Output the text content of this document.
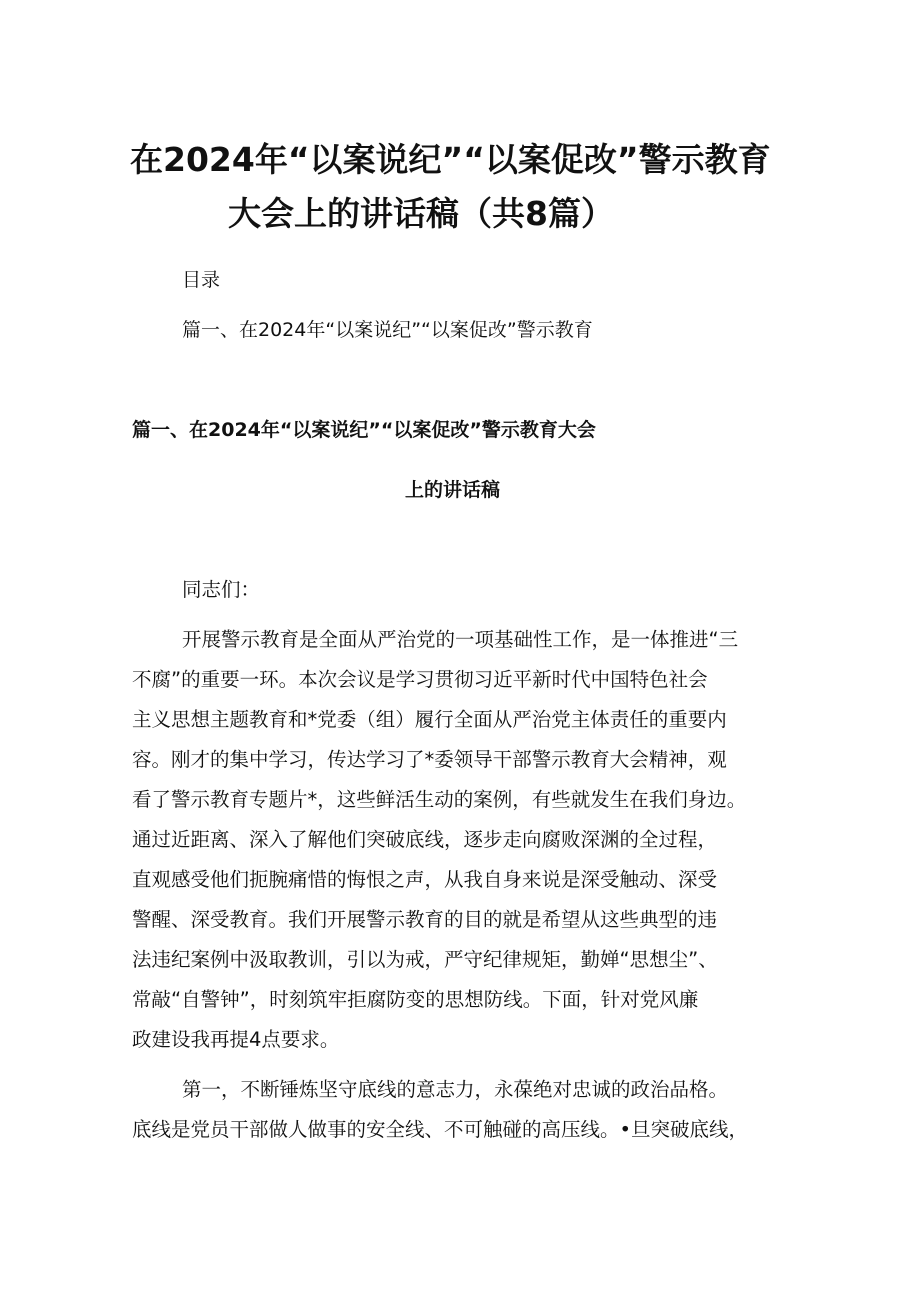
在2024年“以案说纪”“以案促改”警示教育
大会上的讲话稿（共8篇）
目录
篇一、在2024年“以案说纪”“以案促改”警示教育
篇一、在2024年“以案说纪”“以案促改”警示教育大会
上的讲话稿
同志们：
开展警示教育是全面从严治党的一项基础性工作，是一体推进“三
不腐”的重要一环。本次会议是学习贯彻习近平新时代中国特色社会
主义思想主题教育和*党委（组）履行全面从严治党主体责任的重要内
容。刚才的集中学习，传达学习了*委领导干部警示教育大会精神，观
看了警示教育专题片*，这些鲜活生动的案例，有些就发生在我们身边。
通过近距离、深入了解他们突破底线，逐步走向腐败深渊的全过程，
直观感受他们扼腕痛惜的悔恨之声，从我自身来说是深受触动、深受
警醒、深受教育。我们开展警示教育的目的就是希望从这些典型的违
法违纪案例中汲取教训，引以为戒，严守纪律规矩，勤婵“思想尘”、
常敲“自警钟”，时刻筑牢拒腐防变的思想防线。下面，针对党风廉
政建设我再提4点要求。
第一，不断锤炼坚守底线的意志力，永葆绝对忠诚的政治品格。
底线是党员干部做人做事的安全线、不可触碰的高压线。•旦突破底线，
